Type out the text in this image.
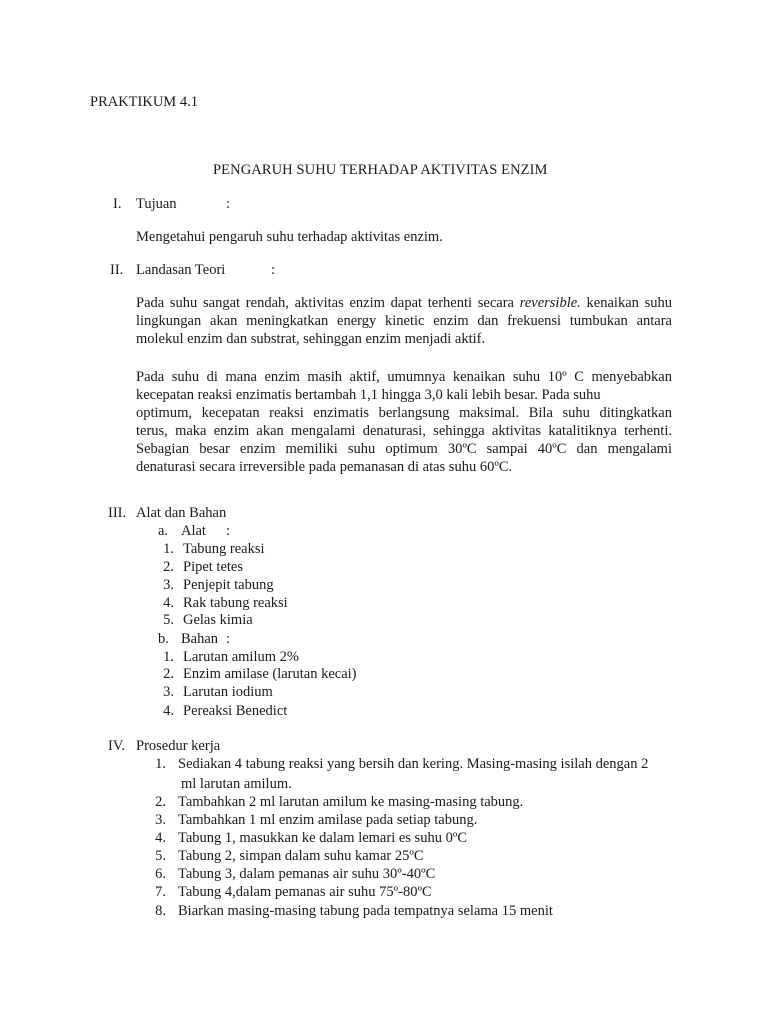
PRAKTIKUM 4.1
PENGARUH SUHU TERHADAP AKTIVITAS ENZIM
I.	Tujuan	:
Mengetahui pengaruh suhu terhadap aktivitas enzim.
II. Landasan Teori	:
Pada suhu sangat rendah, aktivitas enzim dapat terhenti secara reversible. kenaikan suhu
lingkungan akan meningkatkan energy kinetic enzim dan frekuensi tumbukan antara
molekul enzim dan substrat, sehinggan enzim menjadi aktif.
Pada suhu di mana enzim masih aktif, umumnya kenaikan suhu 10º C menyebabkan
kecepatan reaksi enzimatis bertambah 1,1 hingga 3,0 kali lebih besar. Pada suhu
optimum, kecepatan reaksi enzimatis berlangsung maksimal. Bila suhu ditingkatkan
terus, maka enzim akan mengalami denaturasi, sehingga aktivitas katalitiknya terhenti.
Sebagian besar enzim memiliki suhu optimum 30ºC sampai 40ºC dan mengalami
denaturasi secara irreversible pada pemanasan di atas suhu 60ºC.
III. Alat dan Bahan
a. Alat :
1. Tabung reaksi
2. Pipet tetes
3. Penjepit tabung
4. Rak tabung reaksi
5. Gelas kimia
b. Bahan :
1. Larutan amilum 2%
2. Enzim amilase (larutan kecai)
3. Larutan iodium
4. Pereaksi Benedict
IV. Prosedur kerja
1. Sediakan 4 tabung reaksi yang bersih dan kering. Masing-masing isilah dengan 2
ml larutan amilum.
2. Tambahkan 2 ml larutan amilum ke masing-masing tabung.
3. Tambahkan 1 ml enzim amilase pada setiap tabung.
4. Tabung 1, masukkan ke dalam lemari es suhu 0ºC
5. Tabung 2, simpan dalam suhu kamar 25ºC
6. Tabung 3, dalam pemanas air suhu 30º-40ºC
7. Tabung 4,dalam pemanas air suhu 75º-80ºC
8. Biarkan masing-masing tabung pada tempatnya selama 15 menit
